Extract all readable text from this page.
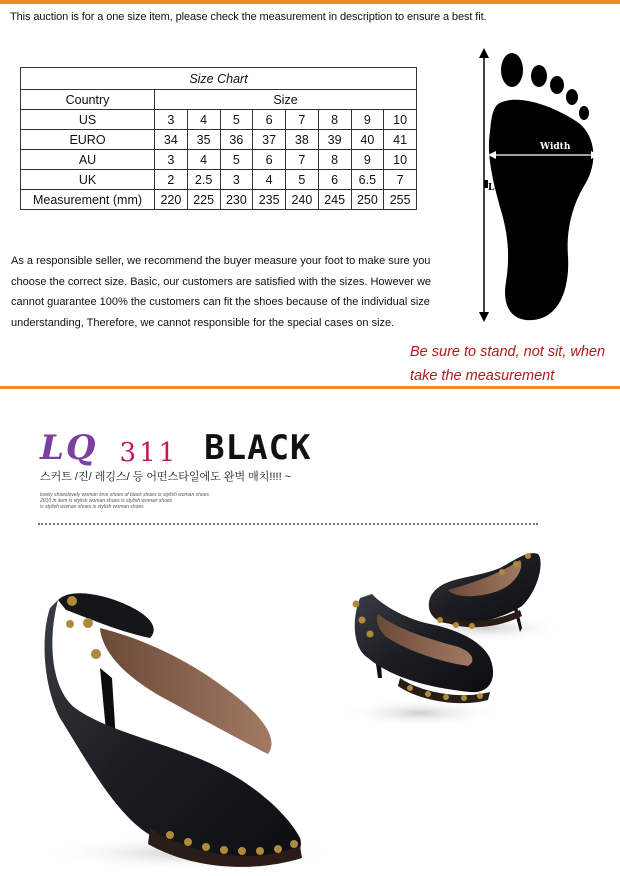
This auction is for a one size item, please check the measurement in description to ensure a best fit.
Size Chart								
Country	Size							
US	3	4	5	6	7	8	9	10
EURO	34	35	36	37	38	39	40	41
AU	3	4	5	6	7	8	9	10
UK	2	2.5	3	4	5	6	6.5	7
Measurement (mm)	220	225	230	235	240	245	250	255
As a responsible seller, we recommend the buyer measure your foot to make sure you
choose the correct size. Basic, our customers are satisfied with the sizes. However we
cannot guarantee 100% the customers can fit the shoes because of the individual size
understanding, Therefore, we cannot responsible for the special cases on size.
Width
Length
Be sure to stand, not sit, when
take the measurement
LQ 311 BLACK
스커트 /진/ 레깅스/ 등 어떤스타일에도 완벽 매치!!!! ~
lovely shoeslovely woman love shoes of black shoes is stylish woman shoes
2010 in item is stylish woman shoes is stylish woman shoes
is stylish woman shoes is stylish woman shoes
